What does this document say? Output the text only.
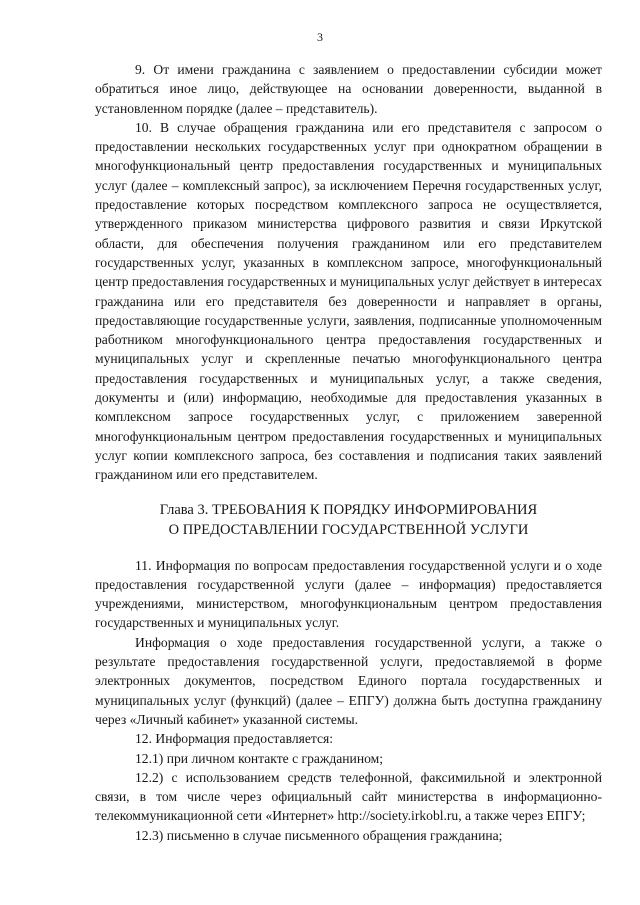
3

9. От имени гражданина с заявлением о предоставлении субсидии может обратиться иное лицо, действующее на основании доверенности, выданной в установленном порядке (далее – представитель).

10. В случае обращения гражданина или его представителя с запросом о предоставлении нескольких государственных услуг при однократном обращении в многофункциональный центр предоставления государственных и муниципальных услуг (далее – комплексный запрос), за исключением Перечня государственных услуг, предоставление которых посредством комплексного запроса не осуществляется, утвержденного приказом министерства цифрового развития и связи Иркутской области, для обеспечения получения гражданином или его представителем государственных услуг, указанных в комплексном запросе, многофункциональный центр предоставления государственных и муниципальных услуг действует в интересах гражданина или его представителя без доверенности и направляет в органы, предоставляющие государственные услуги, заявления, подписанные уполномоченным работником многофункционального центра предоставления государственных и муниципальных услуг и скрепленные печатью многофункционального центра предоставления государственных и муниципальных услуг, а также сведения, документы и (или) информацию, необходимые для предоставления указанных в комплексном запросе государственных услуг, с приложением заверенной многофункциональным центром предоставления государственных и муниципальных услуг копии комплексного запроса, без составления и подписания таких заявлений гражданином или его представителем.

Глава 3. ТРЕБОВАНИЯ К ПОРЯДКУ ИНФОРМИРОВАНИЯ
О ПРЕДОСТАВЛЕНИИ ГОСУДАРСТВЕННОЙ УСЛУГИ

11. Информация по вопросам предоставления государственной услуги и о ходе предоставления государственной услуги (далее – информация) предоставляется учреждениями, министерством, многофункциональным центром предоставления государственных и муниципальных услуг.

Информация о ходе предоставления государственной услуги, а также о результате предоставления государственной услуги, предоставляемой в форме электронных документов, посредством Единого портала государственных и муниципальных услуг (функций) (далее – ЕПГУ) должна быть доступна гражданину через «Личный кабинет» указанной системы.

12. Информация предоставляется:

12.1) при личном контакте с гражданином;

12.2) с использованием средств телефонной, факсимильной и электронной связи, в том числе через официальный сайт министерства в информационно-телекоммуникационной сети «Интернет» http://society.irkobl.ru, а также через ЕПГУ;

12.3) письменно в случае письменного обращения гражданина;
